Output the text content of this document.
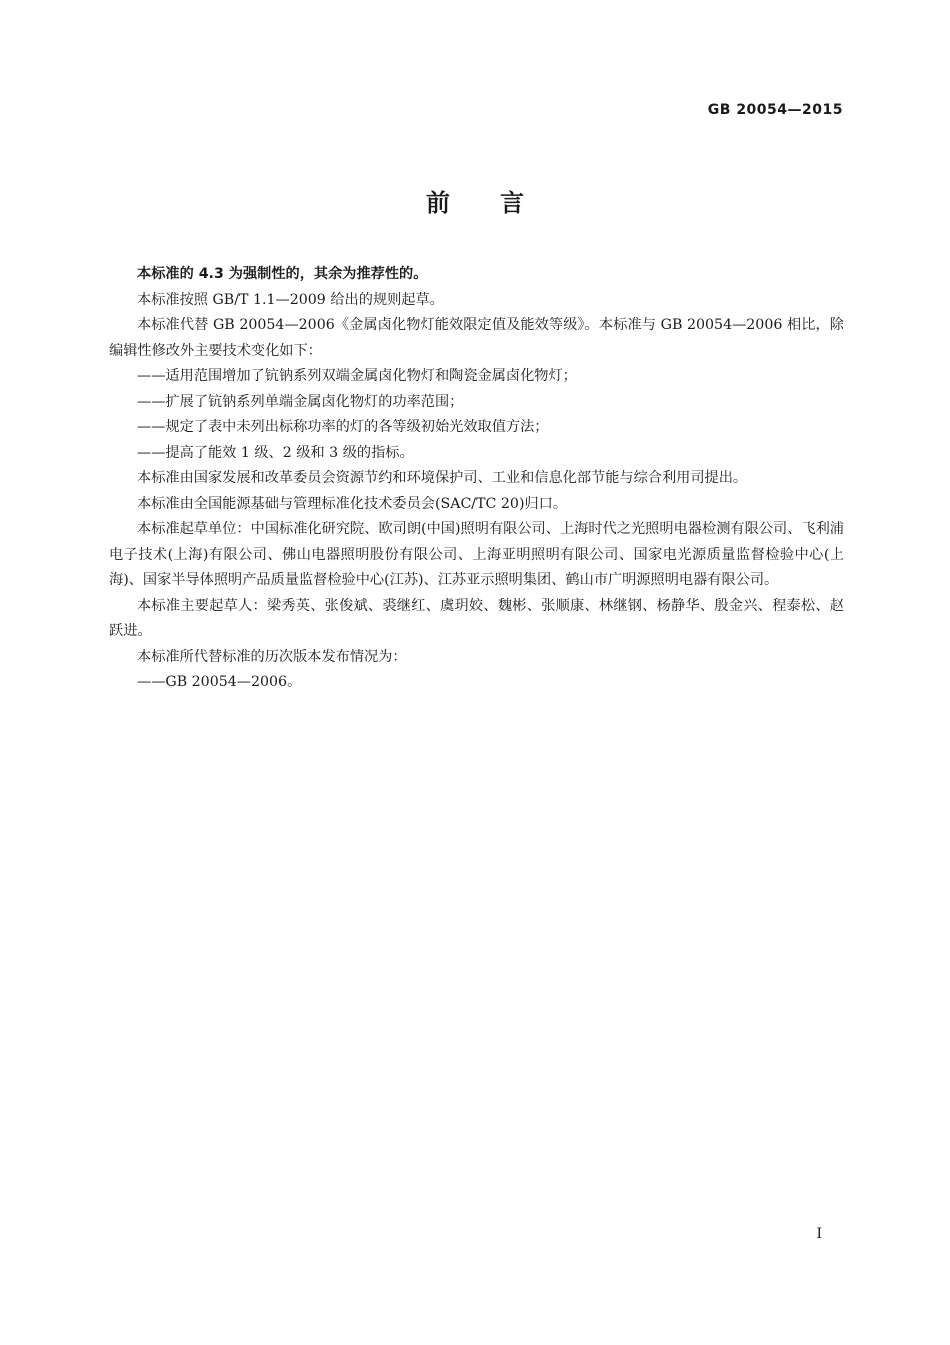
GB 20054—2015
前言

本标准的 4.3 为强制性的，其余为推荐性的。

本标准按照 GB/T 1.1—2009 给出的规则起草。

本标准代替 GB 20054—2006《金属卤化物灯能效限定值及能效等级》。本标准与 GB 20054—2006 相比，除编辑性修改外主要技术变化如下：

——适用范围增加了钪钠系列双端金属卤化物灯和陶瓷金属卤化物灯；

——扩展了钪钠系列单端金属卤化物灯的功率范围；

——规定了表中未列出标称功率的灯的各等级初始光效取值方法；

——提高了能效 1 级、2 级和 3 级的指标。

本标准由国家发展和改革委员会资源节约和环境保护司、工业和信息化部节能与综合利用司提出。

本标准由全国能源基础与管理标准化技术委员会(SAC/TC 20)归口。

本标准起草单位：中国标准化研究院、欧司朗(中国)照明有限公司、上海时代之光照明电器检测有限公司、飞利浦电子技术(上海)有限公司、佛山电器照明股份有限公司、上海亚明照明有限公司、国家电光源质量监督检验中心(上海)、国家半导体照明产品质量监督检验中心(江苏)、江苏亚示照明集团、鹤山市广明源照明电器有限公司。

本标准主要起草人：梁秀英、张俊斌、裘继红、虞玥姣、魏彬、张顺康、林继钢、杨静华、殷金兴、程泰松、赵跃进。

本标准所代替标准的历次版本发布情况为：

——GB 20054—2006。

I
